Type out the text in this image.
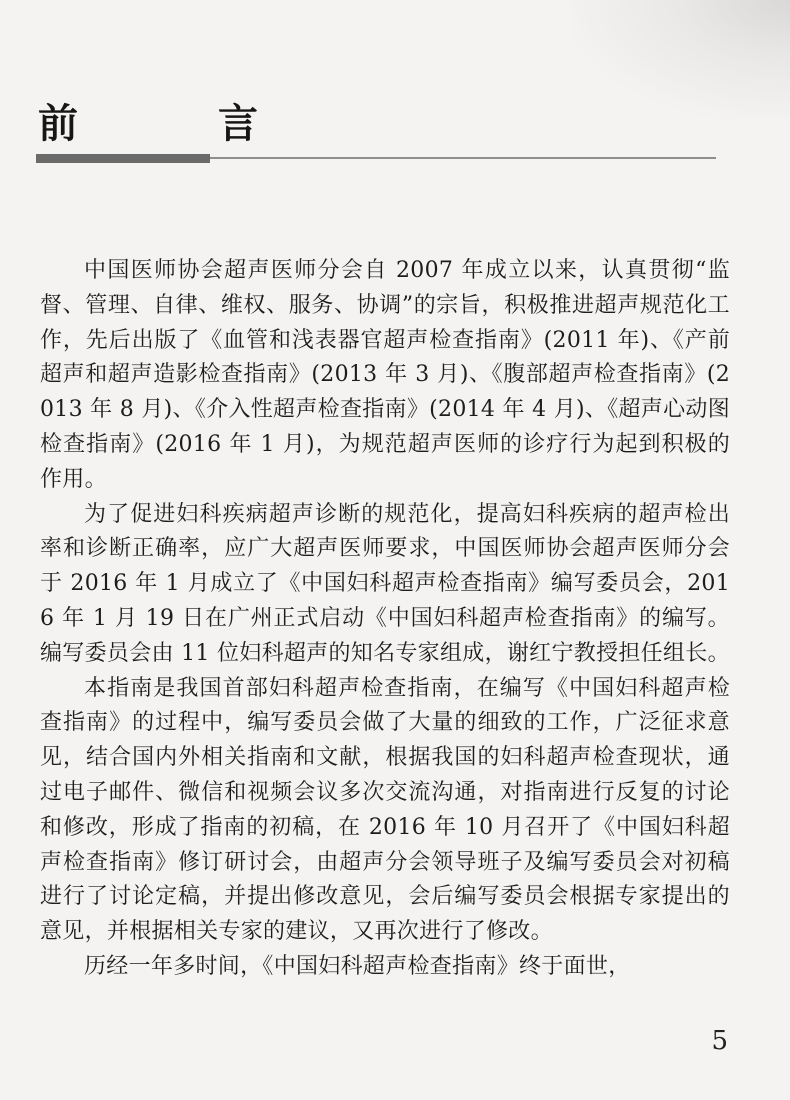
前　言

中国医师协会超声医师分会自 2007 年成立以来，认真贯彻“监督、管理、自律、维权、服务、协调”的宗旨，积极推进超声规范化工作，先后出版了《血管和浅表器官超声检查指南》(2011 年)、《产前超声和超声造影检查指南》(2013 年 3 月)、《腹部超声检查指南》(2013 年 8 月)、《介入性超声检查指南》(2014 年 4 月)、《超声心动图检查指南》(2016 年 1 月)，为规范超声医师的诊疗行为起到积极的作用。

为了促进妇科疾病超声诊断的规范化，提高妇科疾病的超声检出率和诊断正确率，应广大超声医师要求，中国医师协会超声医师分会于 2016 年 1 月成立了《中国妇科超声检查指南》编写委员会，2016 年 1 月 19 日在广州正式启动《中国妇科超声检查指南》的编写。编写委员会由 11 位妇科超声的知名专家组成，谢红宁教授担任组长。

本指南是我国首部妇科超声检查指南，在编写《中国妇科超声检查指南》的过程中，编写委员会做了大量的细致的工作，广泛征求意见，结合国内外相关指南和文献，根据我国的妇科超声检查现状，通过电子邮件、微信和视频会议多次交流沟通，对指南进行反复的讨论和修改，形成了指南的初稿，在 2016 年 10 月召开了《中国妇科超声检查指南》修订研讨会，由超声分会领导班子及编写委员会对初稿进行了讨论定稿，并提出修改意见，会后编写委员会根据专家提出的意见，并根据相关专家的建议，又再次进行了修改。

历经一年多时间，《中国妇科超声检查指南》终于面世，

5
